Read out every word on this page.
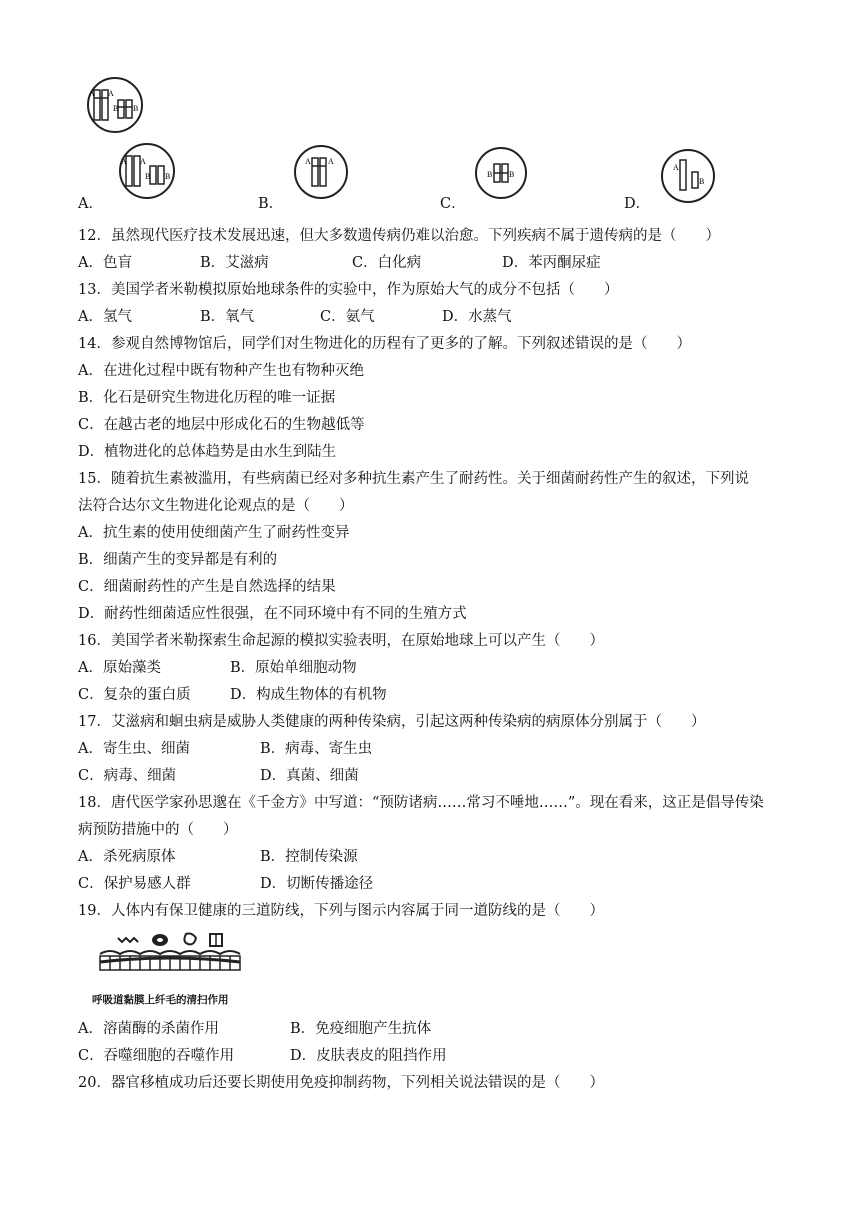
A A
B B
A A
B B
A．
A A
B．
B B
C．
A
B
D．
12．虽然现代医疗技术发展迅速，但大多数遗传病仍难以治愈。下列疾病不属于遗传病的是（　　）
A．色盲	B．艾滋病	C．白化病	D．苯丙酮尿症
13．美国学者米勒模拟原始地球条件的实验中，作为原始大气的成分不包括（　　）
A．氢气	B．氧气	C．氨气	D．水蒸气
14．参观自然博物馆后，同学们对生物进化的历程有了更多的了解。下列叙述错误的是（　　）
A．在进化过程中既有物种产生也有物种灭绝
B．化石是研究生物进化历程的唯一证据
C．在越古老的地层中形成化石的生物越低等
D．植物进化的总体趋势是由水生到陆生
15．随着抗生素被滥用，有些病菌已经对多种抗生素产生了耐药性。关于细菌耐药性产生的叙述，下列说
法符合达尔文生物进化论观点的是（　　）
A．抗生素的使用使细菌产生了耐药性变异
B．细菌产生的变异都是有利的
C．细菌耐药性的产生是自然选择的结果
D．耐药性细菌适应性很强，在不同环境中有不同的生殖方式
16．美国学者米勒探索生命起源的模拟实验表明，在原始地球上可以产生（　　）
A．原始藻类	B．原始单细胞动物
C．复杂的蛋白质	D．构成生物体的有机物
17．艾滋病和蛔虫病是威胁人类健康的两种传染病，引起这两种传染病的病原体分别属于（　　）
A．寄生虫、细菌	B．病毒、寄生虫
C．病毒、细菌	D．真菌、细菌
18．唐代医学家孙思邈在《千金方》中写道：“预防诸病……常习不唾地……”。现在看来，这正是倡导传染
病预防措施中的（　　）
A．杀死病原体	B．控制传染源
C．保护易感人群	D．切断传播途径
19．人体内有保卫健康的三道防线，下列与图示内容属于同一道防线的是（　　）
呼吸道黏膜上纤毛的清扫作用
A．溶菌酶的杀菌作用	B．免疫细胞产生抗体
C．吞噬细胞的吞噬作用	D．皮肤表皮的阻挡作用
20．器官移植成功后还要长期使用免疫抑制药物，下列相关说法错误的是（　　）
